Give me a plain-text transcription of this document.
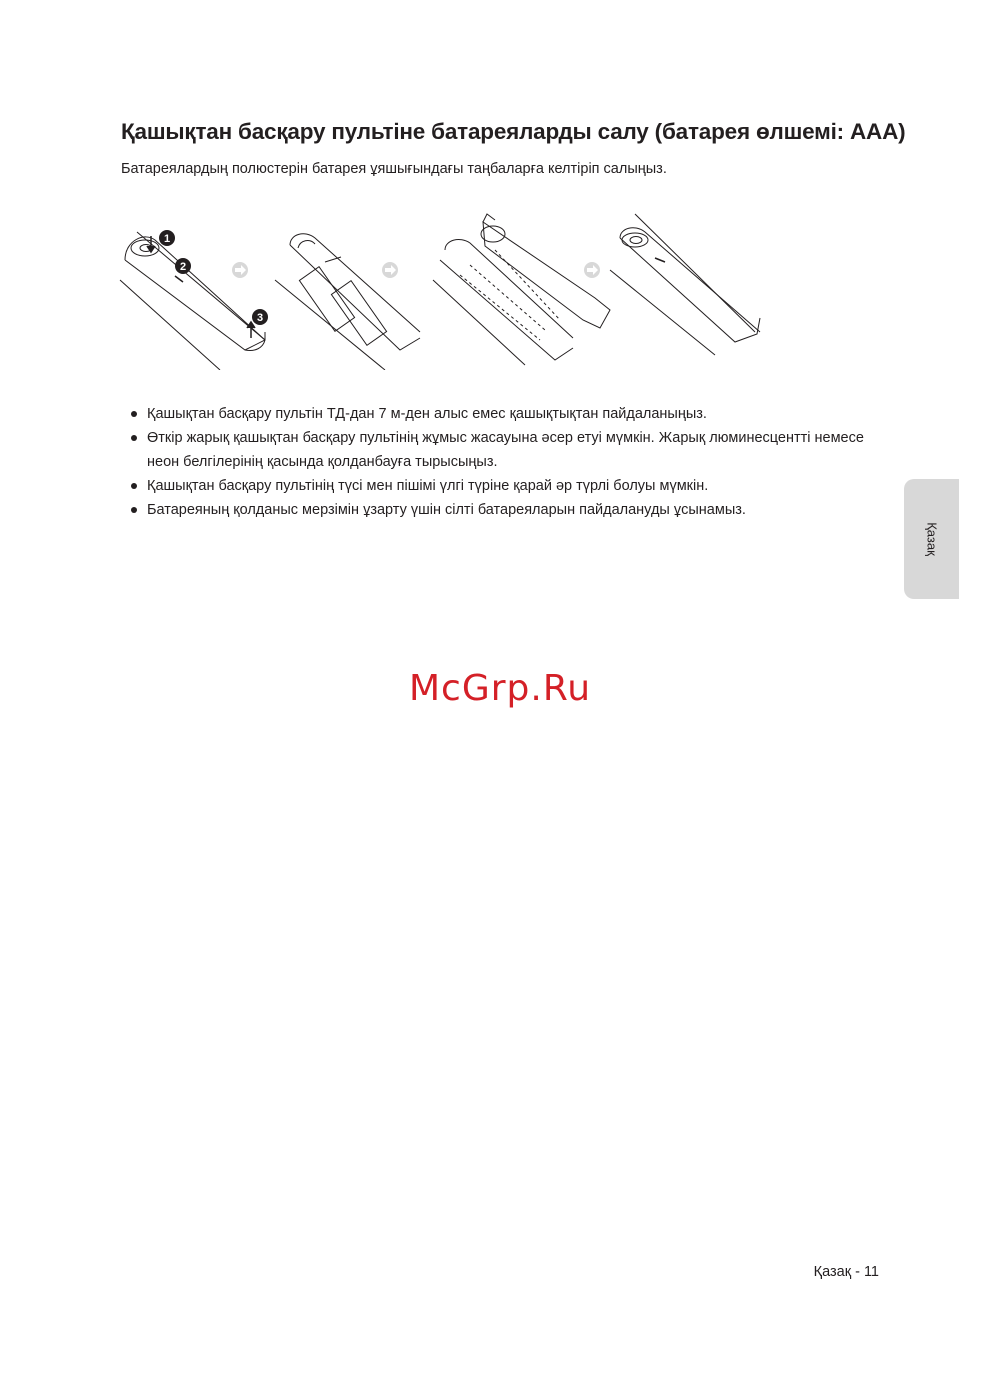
Қашықтан басқару пультіне батареяларды салу (батарея өлшемі: AAA)

Батареялардың полюстерін батарея ұяшығындағы таңбаларға келтіріп салыңыз.

1
2
3
Қашықтан басқару пультін ТД-дан 7 м-ден алыс емес қашықтықтан пайдаланыңыз.
Өткір жарық қашықтан басқару пультінің жұмыс жасауына әсер етуі мүмкін. Жарық люминесцентті немесе неон белгілерінің қасында қолданбауға тырысыңыз.
Қашықтан басқару пультінің түсі мен пішімі үлгі түріне қарай әр түрлі болуы мүмкін.
Батареяның қолданыс мерзімін ұзарту үшін сілті батареяларын пайдалануды ұсынамыз.
Қазақ
McGrp.Ru
Қазақ - 11
